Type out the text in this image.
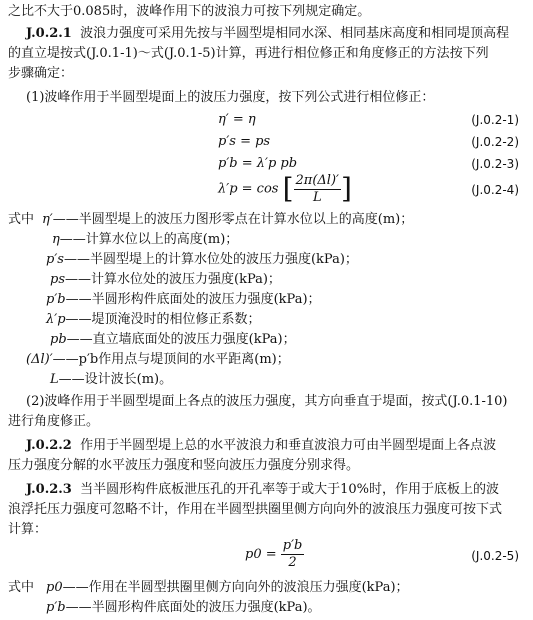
之比不大于0.085时，波峰作用下的波浪力可按下列规定确定。
J.0.2.1 波浪力强度可采用先按与半圆型堤相同水深、相同基床高度和相同堤顶高程
的直立堤按式(J.0.1-1)～式(J.0.1-5)计算，再进行相位修正和角度修正的方法按下列
步骤确定：
(1)波峰作用于半圆型堤面上的波压力强度，按下列公式进行相位修正：
η′ = η	(J.0.2-1)
p′s = ps	(J.0.2-2)
p′b = λ′p pb	(J.0.2-3)
λ′p = cos [ $\frac{2\pi(\Delta l)'}{L}$ ]	(J.0.2-4)
式中 η′——半圆型堤上的波压力图形零点在计算水位以上的高度(m)；
η——计算水位以上的高度(m)；
p′s——半圆型堤上的计算水位处的波压力强度(kPa)；
ps——计算水位处的波压力强度(kPa)；
p′b——半圆形构件底面处的波压力强度(kPa)；
λ′p——堤顶淹没时的相位修正系数；
pb——直立墙底面处的波压力强度(kPa)；
(Δl)′——p′b作用点与堤顶间的水平距离(m)；
L——设计波长(m)。
(2)波峰作用于半圆型堤面上各点的波压力强度，其方向垂直于堤面，按式(J.0.1-10)
进行角度修正。
J.0.2.2 作用于半圆型堤上总的水平波浪力和垂直波浪力可由半圆型堤面上各点波
压力强度分解的水平波压力强度和竖向波压力强度分别求得。
J.0.2.3 当半圆形构件底板泄压孔的开孔率等于或大于10%时，作用于底板上的波
浪浮托压力强度可忽略不计，作用在半圆型拱圈里侧方向向外的波浪压力强度可按下式
计算：
$p0 = \frac{p'b}{2}$	(J.0.2-5)
式中 p0——作用在半圆型拱圈里侧方向向外的波浪压力强度(kPa)；
p′b——半圆形构件底面处的波压力强度(kPa)。
